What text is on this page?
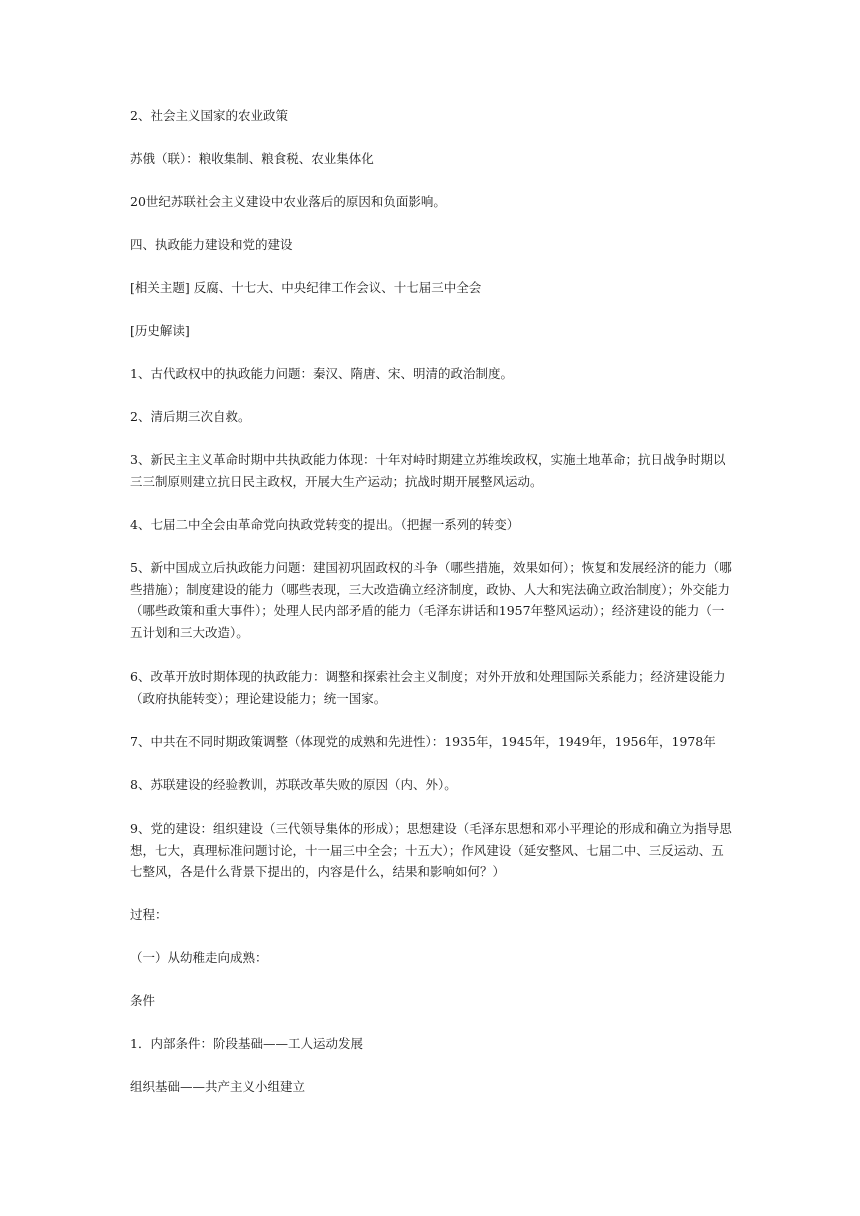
2、社会主义国家的农业政策

苏俄（联）：粮收集制、粮食税、农业集体化

20世纪苏联社会主义建设中农业落后的原因和负面影响。

四、执政能力建设和党的建设

[相关主题] 反腐、十七大、中央纪律工作会议、十七届三中全会

[历史解读]

1、古代政权中的执政能力问题：秦汉、隋唐、宋、明清的政治制度。

2、清后期三次自救。

3、新民主主义革命时期中共执政能力体现：十年对峙时期建立苏维埃政权，实施土地革命；抗日战争时期以三三制原则建立抗日民主政权，开展大生产运动；抗战时期开展整风运动。

4、七届二中全会由革命党向执政党转变的提出。（把握一系列的转变）

5、新中国成立后执政能力问题：建国初巩固政权的斗争（哪些措施，效果如何）；恢复和发展经济的能力（哪些措施）；制度建设的能力（哪些表现，三大改造确立经济制度，政协、人大和宪法确立政治制度）；外交能力（哪些政策和重大事件）；处理人民内部矛盾的能力（毛泽东讲话和1957年整风运动）；经济建设的能力（一五计划和三大改造）。

6、改革开放时期体现的执政能力：调整和探索社会主义制度；对外开放和处理国际关系能力；经济建设能力（政府执能转变）；理论建设能力；统一国家。

7、中共在不同时期政策调整（体现党的成熟和先进性）：1935年，1945年，1949年，1956年，1978年

8、苏联建设的经验教训，苏联改革失败的原因（内、外）。

9、党的建设：组织建设（三代领导集体的形成）；思想建设（毛泽东思想和邓小平理论的形成和确立为指导思想，七大，真理标准问题讨论，十一届三中全会；十五大）；作风建设（延安整风、七届二中、三反运动、五七整风，各是什么背景下提出的，内容是什么，结果和影响如何？）

过程：

（一）从幼稚走向成熟：

条件

1．内部条件：阶段基础——工人运动发展

组织基础——共产主义小组建立
